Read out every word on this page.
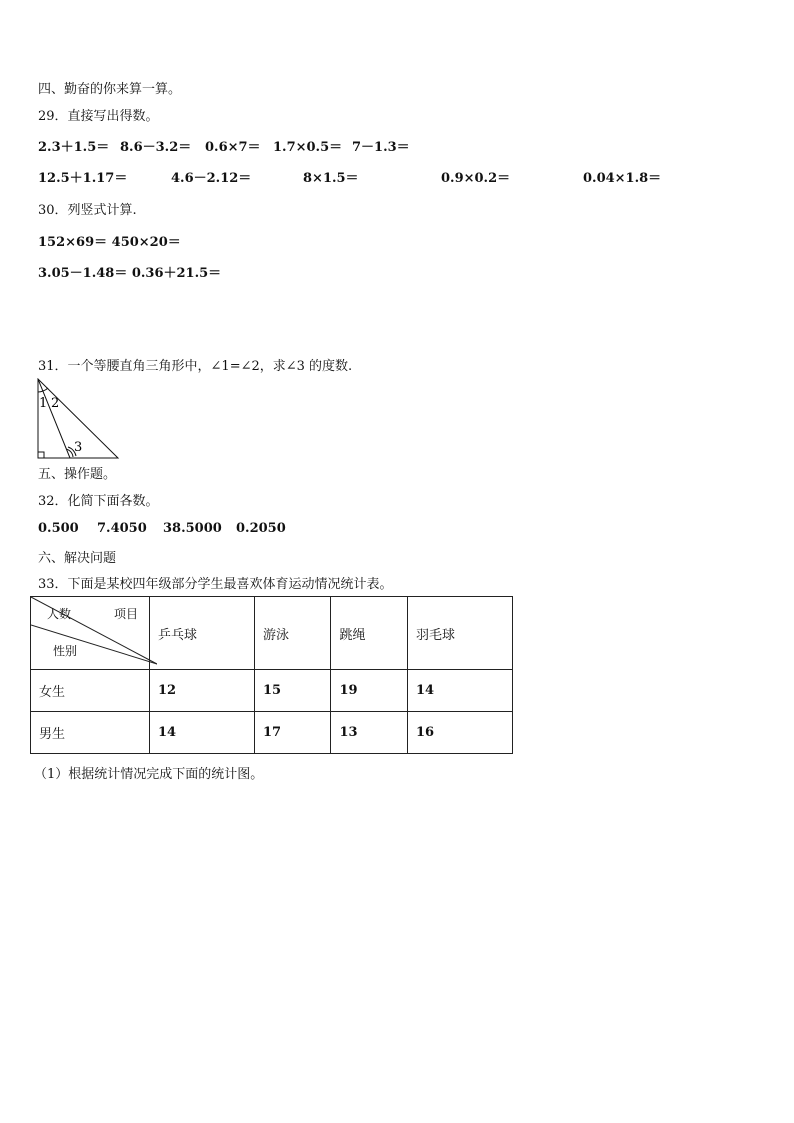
四、勤奋的你来算一算。
29．直接写出得数。
2.3＋1.5＝ 8.6－3.2＝ 0.6×7＝ 1.7×0.5＝ 7－1.3＝
12.5＋1.17＝	4.6－2.12＝	8×1.5＝	0.9×0.2＝	0.04×1.8＝
30．列竖式计算.
152×69＝ 450×20＝
3.05－1.48＝ 0.36＋21.5＝
31．一个等腰直角三角形中，∠1=∠2，求∠3 的度数.
1 2
3
五、操作题。
32．化简下面各数。
0.500 7.4050 38.5000 0.2050
六、解决问题
33．下面是某校四年级部分学生最喜欢体育运动情况统计表。
人数 项目
性别	乒乓球	游泳	跳绳	羽毛球
女生	12	15	19	14
男生	14	17	13	16
（1）根据统计情况完成下面的统计图。
